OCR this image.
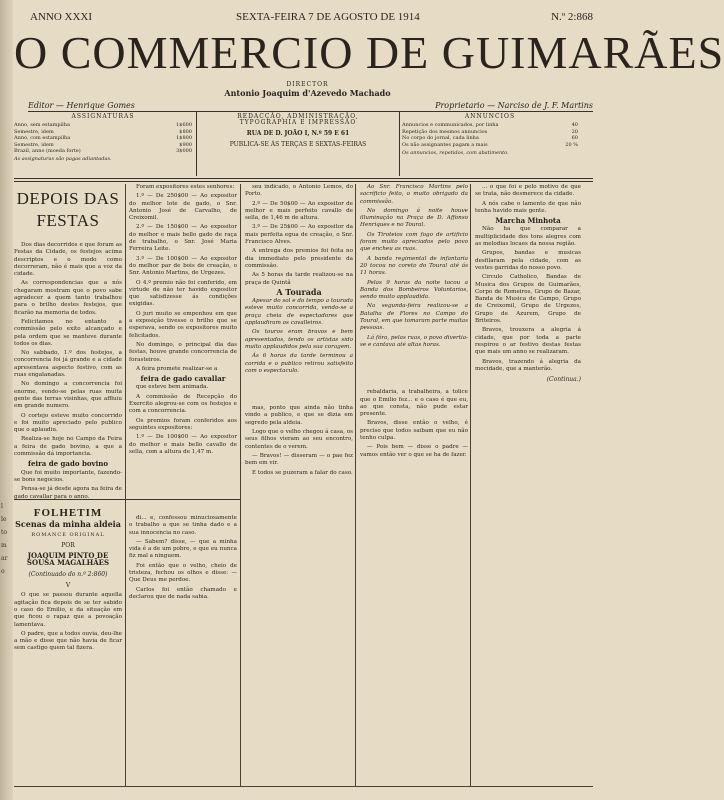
l
le
to
m
ar
o
ANNO XXXI	SEXTA-FEIRA 7 DE AGOSTO DE 1914	N.º 2:868
O COMMERCIO DE GUIMARÃES
DIRECTOR
Antonio Joaquim d'Azevedo Machado
Editor — Henrique Gomes	Proprietario — Narciso de J. F. Martins
ASSIGNATURAS
Anno, sem estampilha	1$600
Semestre, idem	$800
Anno, com estampilha	1$800
Semestre, idem	$900
Brazil, anno (moeda forte)	3$000
As assignaturas são pagas adiantadas.
REDACÇÃO, ADMINISTRAÇÃO, TYPOGRAPHIA E IMPRESSÃO
RUA DE D. JOÃO I, N.º 59 E 61
PUBLICA-SE ÁS TERÇAS E SEXTAS-FEIRAS
ANNUNCIOS
Annuncios e communicados, por linha	40
Repetição dos mesmos annuncios	20
No corpo do jornal, cada linha	60
Os não assignantes pagam a mais	20 %
Os annuncios, repetidos, com abatimento.
DEPOIS DAS FESTAS

Dos dias decorridos e que foram as Festas da Cidade, os festejos acima descriptos e o modo como decorreram, não é mais que a voz da cidade.

As correspondencias que a nós chegaram mostram que o povo sabe agradecer a quem tanto trabalhou para o brilho destes festejos, que ficarão na memoria de todos.

Felicitamos no entanto a commissão pelo exito alcançado e pela ordem que se manteve durante todos os dias.

No sabbado, 1.º dos festejos, a concorrencia foi já grande e a cidade apresentava aspecto festivo, com as ruas engalanadas.

No domingo a concorrencia foi enorme, vendo-se pelas ruas muita gente das terras visinhas, que affluiu em grande numero.

O cortejo esteve muito concorrido e foi muito apreciado pelo publico que o aplaudiu.

Realiza-se hoje no Campo da Feira a feira de gado bovino, a que a commissão dá importancia.

feira de gado bovino

Que foi muito importante, fazendo-se bons negocios.

Pensa-se já desde agora na feira de gado cavallar para o anno.

Foram expositores estes senhores:

1.º — De 250$00 — Ao expositor do melhor lote de gado, o Snr. Antonio José de Carvalho, de Creixomil.

2.º — De 150$00 — Ao expositor do melhor e mais bello gado de raça de trabalho, o Snr. José Maria Ferreira Leite.

3.º — De 100$00 — Ao expositor do melhor par de bois de creação, o Snr. Antonio Martins, de Urgezes.

O 4.º premio não foi conferido, em virtude de não ter havido expositor que satisfizesse ás condições exigidas.

O juri muito se empenhou em que a exposição tivesse o brilho que se esperava, sendo os expositores muito felicitados.

No domingo, o principal dia das festas, houve grande concorrencia de forasteiros.

A feira promete realizar-se a

feira de gado cavallar

que esteve bem animada.

A commissão de Recepção do Exercito alegrou-se com os festejos e com a concorrencia.

Os premios foram conferidos aos seguintes expositores:

1.º — De 100$00 — Ao expositor do melhor e mais bello cavallo de sella, com a altura de 1,47 m.

seu indicado, o Antonio Lemos, do Porto.

2.º — De 50$00 — Ao expositor de melhor e mais perfeito cavallo de sella, de 1,46 m de altura.

3.º — De 25$00 — Ao expositor da mais perfeita egua de creação, o Snr. Francisco Alves.

A entrega dos premios foi feita no dia immediato pelo presidente da commissão.

As 5 horas da tarde realizou-se na praça de Quintã

A Tourada

Apesar do sol e do tempo a tourada esteve muito concorrida, vendo-se a praça cheia de espectadores que applaudiram os cavalleiros.

Os touros eram bravos e bem apresentados, tendo os artistas sido muito applaudidos pela sua coragem.

Ás 6 horas da tarde terminou a corrida e o publico retirou satisfeito com o espectaculo.

mas, ponto que ainda não tinha vindo a publico, e que se dizia em segredo pela aldeia.

Logo que o velho chegou á casa, os seus filhos vieram ao seu encontro, contentes de o verem.

— Bravos! — disseram — o pae fez bem em vir.

E todos se puzeram a falar do caso.

Ao Snr. Francisco Martins pelo sacrificio feito, o muito obrigado da commissão.

No domingo á noite houve illuminação na Praça de D. Affonso Henriques e no Toural.

Os Tiroteios com fogo de artificio foram muito apreciados pelo povo que encheu as ruas.

A banda regimental de infantaria 20 tocou no coreto do Toural até ás 11 horas.

Pelas 9 horas da noite tocou a Banda dos Bombeiros Voluntarios, sendo muito applaudida.

Na segunda-feira realizou-se a Batalha de Flores no Campo do Toural, em que tomaram parte muitas pessoas.

Lá fóra, pelas ruas, o povo divertia-se e cantava até altas horas.

rebaldaria, a trabalheira, a tolice que o Emilio fez... e o caso é que eu, ao que consta, não pude estar presente.

Bravos, disse então o velho, é preciso que todos saibam que eu não tenho culpa.

— Pois bem — disse o padre — vamos então ver o que se ha de fazer.

... o que foi e pelo motivo de que se trata, não desmerece da cidade.

A nós cabe o lamento de que não tenha havido mais gente.

Marcha Minhota

Não ha que comparar a multiplicidade dos tons alegres com as melodias locaes da nossa região.

Grupos, bandas e musicas desfilaram pela cidade, com as vestes garridas do nosso povo.

Circulo Catholico, Bandas de Musica dos Grupos de Guimarães, Corpo de Romeiros, Grupo de Bazar, Banda de Musica de Campo, Grupo de Creixomil, Grupo de Urgezes, Grupo de Azurem, Grupo de Briteiros.

Bravos, trouxera a alegria á cidade, que por toda a parte respirou o ar festivo destas festas que mais um anno se realizaram.

Bravos, trazendo á alegria da mocidade, que a manterão.

(Continua.)
FOLHETIM
Scenas da minha aldeia
ROMANCE ORIGINAL
POR
JOAQUIM PINTO DE SOUSA MAGALHÃES
(Continuado do n.º 2:860)
V

O que se passou durante aquella agitação fica depois de se ter sabido o caso do Emilio, e da situação em que ficou o rapaz que a povoação lamentava.

O padre, que a todos ouvia, deu-lhe a mão e disse que não havia de ficar sem castigo quem tal fizera.

di... e, confessou minuciosamente o trabalho a que se tinha dado e a sua innocencia no caso.

— Sabem? disse, — que a minha vida é a de um pobre, e que eu nunca fiz mal a ninguem.

Foi então que o velho, cheio de tristeza, fechou os olhos e disse: — Que Deus me perdoe.

Carlos foi então chamado e declarou que de nada sabia.
